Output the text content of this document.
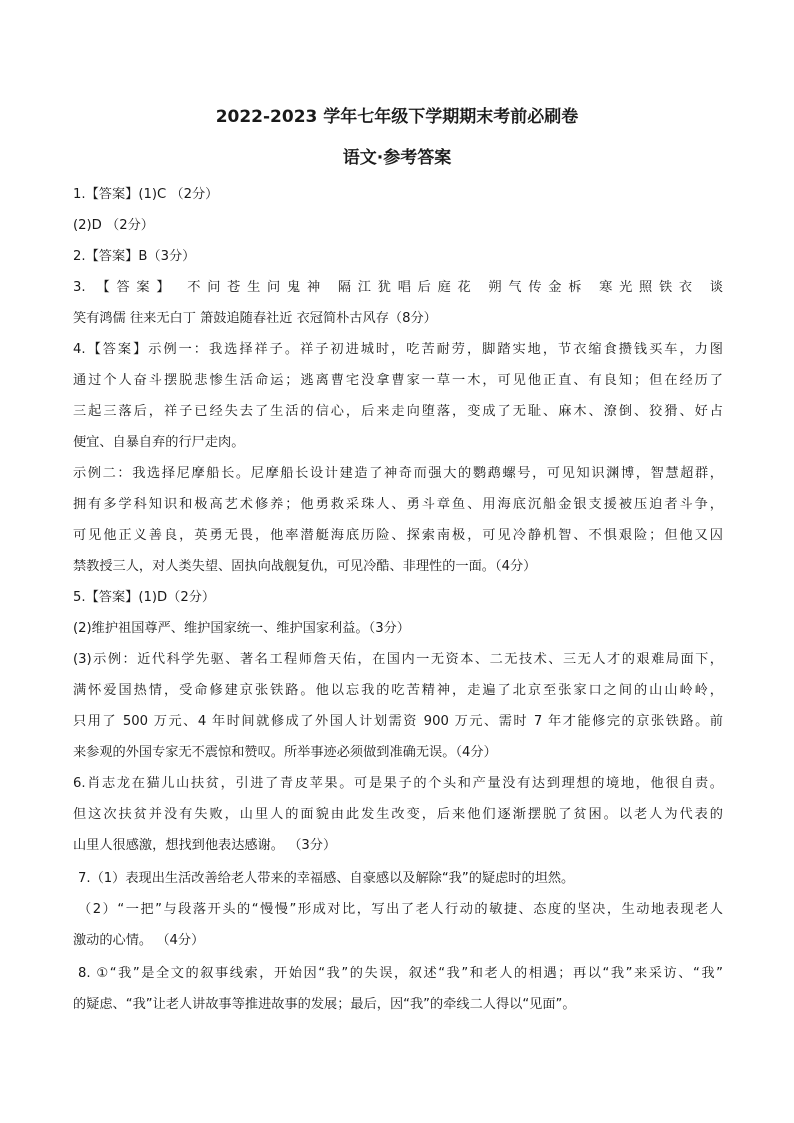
2022-2023 学年七年级下学期期末考前必刷卷
语文·参考答案
1.【答案】(1)C （2分）
(2)D （2分）
2.【答案】B（3分）
3. 【答案】 不问苍生问鬼神 隔江犹唱后庭花 朔气传金柝 寒光照铁衣 谈
笑有鸿儒 往来无白丁 箫鼓追随春社近 衣冠简朴古风存（8分）
4.【答案】示例一：我选择祥子。祥子初进城时，吃苦耐劳，脚踏实地，节衣缩食攒钱买车，力图
通过个人奋斗摆脱悲惨生活命运；逃离曹宅没拿曹家一草一木，可见他正直、有良知；但在经历了
三起三落后，祥子已经失去了生活的信心，后来走向堕落，变成了无耻、麻木、潦倒、狡猾、好占
便宜、自暴自弃的行尸走肉。
示例二：我选择尼摩船长。尼摩船长设计建造了神奇而强大的鹦鹉螺号，可见知识渊博，智慧超群，
拥有多学科知识和极高艺术修养；他勇救采珠人、勇斗章鱼、用海底沉船金银支援被压迫者斗争，
可见他正义善良，英勇无畏，他率潜艇海底历险、探索南极，可见冷静机智、不惧艰险；但他又囚
禁教授三人，对人类失望、固执向战舰复仇，可见冷酷、非理性的一面。（4分）
5.【答案】(1)D（2分）
(2)维护祖国尊严、维护国家统一、维护国家利益。（3分）
(3)示例：近代科学先驱、著名工程师詹天佑，在国内一无资本、二无技术、三无人才的艰难局面下，
满怀爱国热情，受命修建京张铁路。他以忘我的吃苦精神，走遍了北京至张家口之间的山山岭岭，
只用了 500 万元、4 年时间就修成了外国人计划需资 900 万元、需时 7 年才能修完的京张铁路。前
来参观的外国专家无不震惊和赞叹。所举事迹必须做到准确无误。（4分）
6.肖志龙在猫儿山扶贫，引进了青皮苹果。可是果子的个头和产量没有达到理想的境地，他很自责。
但这次扶贫并没有失败，山里人的面貌由此发生改变，后来他们逐渐摆脱了贫困。以老人为代表的
山里人很感激，想找到他表达感谢。 （3分）
7.（1）表现出生活改善给老人带来的幸福感、自豪感以及解除“我”的疑虑时的坦然。
（2）“一把”与段落开头的“慢慢”形成对比，写出了老人行动的敏捷、态度的坚决，生动地表现老人
激动的心情。 （4分）
8. ①“我”是全文的叙事线索，开始因“我”的失误，叙述“我”和老人的相遇；再以“我”来采访、“我”
的疑虑、“我”让老人讲故事等推进故事的发展；最后，因“我”的牵线二人得以“见面”。
